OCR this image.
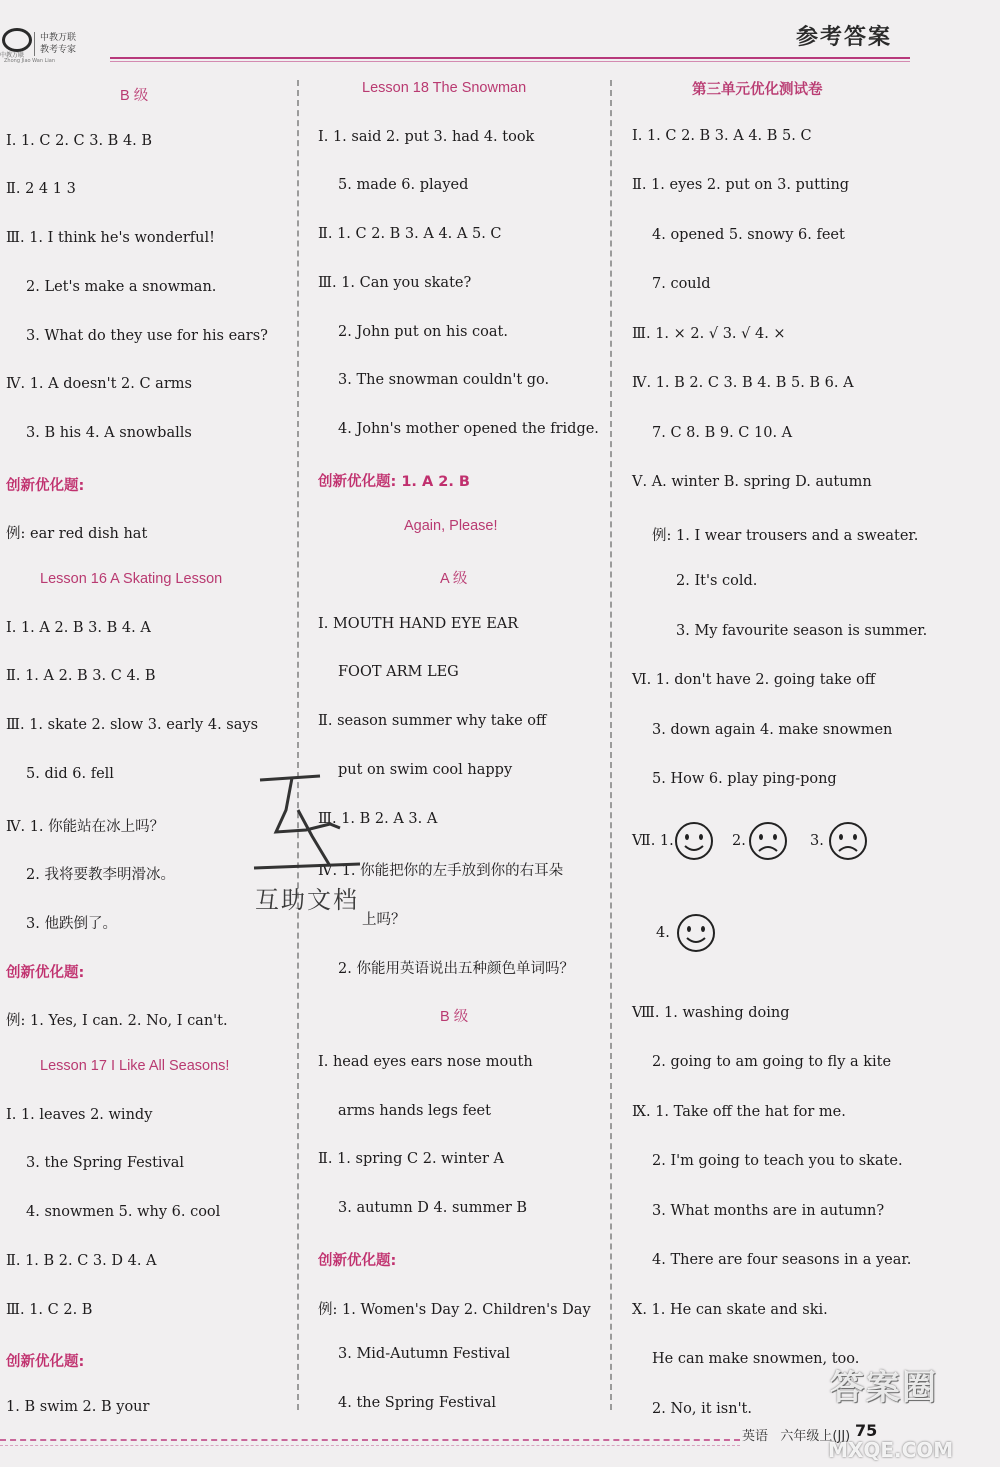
中教万联
Zhong Jiao Wan Lian
中教万联
教考专家	参考答案
B 级
Ⅰ. 1. C 2. C 3. B 4. B
Ⅱ. 2 4 1 3
Ⅲ. 1. I think he's wonderful!
2. Let's make a snowman.
3. What do they use for his ears?
Ⅳ. 1. A doesn't 2. C arms
3. B his 4. A snowballs
创新优化题:
例: ear red dish hat
Lesson 16 A Skating Lesson
Ⅰ. 1. A 2. B 3. B 4. A
Ⅱ. 1. A 2. B 3. C 4. B
Ⅲ. 1. skate 2. slow 3. early 4. says
5. did 6. fell
Ⅳ. 1. 你能站在冰上吗？
2. 我将要教李明滑冰。
3. 他跌倒了。
创新优化题:
例: 1. Yes, I can. 2. No, I can't.
Lesson 17 I Like All Seasons!
Ⅰ. 1. leaves 2. windy
3. the Spring Festival
4. snowmen 5. why 6. cool
Ⅱ. 1. B 2. C 3. D 4. A
Ⅲ. 1. C 2. B
创新优化题:
1. B swim 2. B your
Lesson 18 The Snowman
Ⅰ. 1. said 2. put 3. had 4. took
5. made 6. played
Ⅱ. 1. C 2. B 3. A 4. A 5. C
Ⅲ. 1. Can you skate?
2. John put on his coat.
3. The snowman couldn't go.
4. John's mother opened the fridge.
创新优化题: 1. A 2. B
Again, Please!
A 级
Ⅰ. MOUTH HAND EYE EAR
FOOT ARM LEG
Ⅱ. season summer why take off
put on swim cool happy
Ⅲ. 1. B 2. A 3. A
Ⅳ. 1. 你能把你的左手放到你的右耳朵
上吗？
2. 你能用英语说出五种颜色单词吗？
B 级
Ⅰ. head eyes ears nose mouth
arms hands legs feet
Ⅱ. 1. spring C 2. winter A
3. autumn D 4. summer B
创新优化题:
例: 1. Women's Day 2. Children's Day
3. Mid-Autumn Festival
4. the Spring Festival
第三单元优化测试卷
Ⅰ. 1. C 2. B 3. A 4. B 5. C
Ⅱ. 1. eyes 2. put on 3. putting
4. opened 5. snowy 6. feet
7. could
Ⅲ. 1. × 2. √ 3. √ 4. ×
Ⅳ. 1. B 2. C 3. B 4. B 5. B 6. A
7. C 8. B 9. C 10. A
Ⅴ. A. winter B. spring D. autumn
例: 1. I wear trousers and a sweater.
2. It's cold.
3. My favourite season is summer.
Ⅵ. 1. don't have 2. going take off
3. down again 4. make snowmen
5. How 6. play ping-pong
Ⅶ. 1.	2.	3.
4.
Ⅷ. 1. washing doing
2. going to am going to fly a kite
Ⅸ. 1. Take off the hat for me.
2. I'm going to teach you to skate.
3. What months are in autumn?
4. There are four seasons in a year.
Ⅹ. 1. He can skate and ski.
He can make snowmen, too.
2. No, it isn't.
互助文档
英语 六年级上(JJ) 75
答案圈
MXQE.COM
